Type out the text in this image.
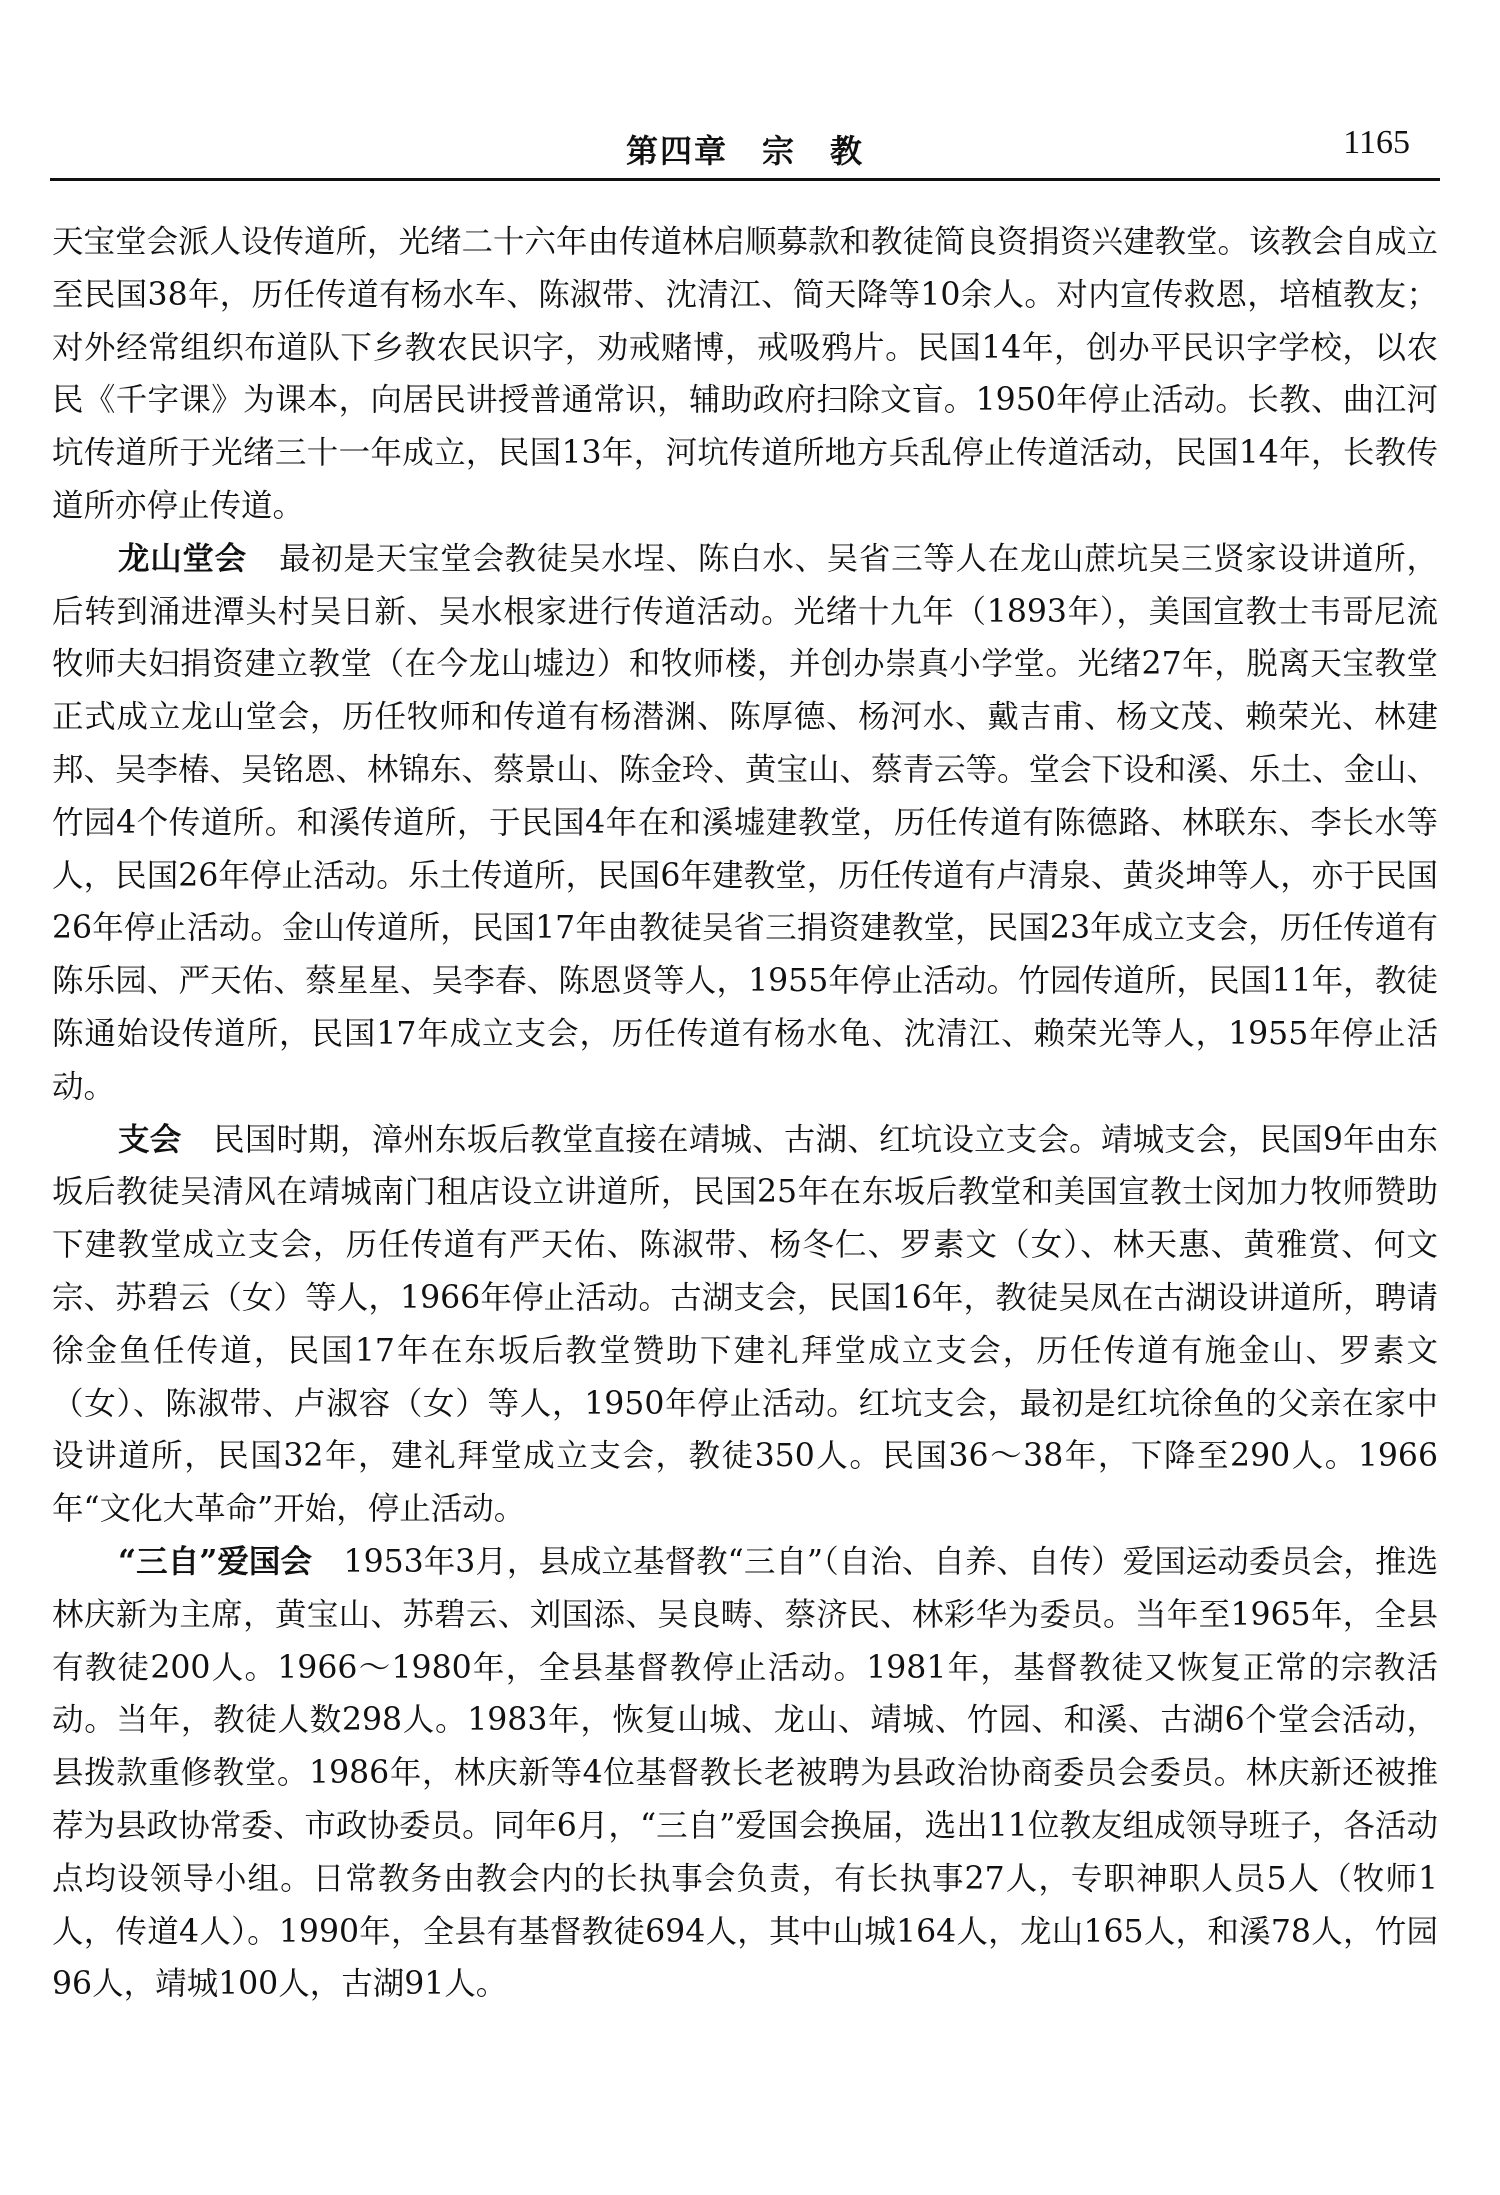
第四章　宗　教	1165

天宝堂会派人设传道所，光绪二十六年由传道林启顺募款和教徒简良资捐资兴建教堂。该教会自成立至民国38年，历任传道有杨水车、陈淑带、沈清江、简天降等10余人。对内宣传救恩，培植教友；对外经常组织布道队下乡教农民识字，劝戒赌博，戒吸鸦片。民国14年，创办平民识字学校，以农民《千字课》为课本，向居民讲授普通常识，辅助政府扫除文盲。1950年停止活动。长教、曲江河坑传道所于光绪三十一年成立，民国13年，河坑传道所地方兵乱停止传道活动，民国14年，长教传道所亦停止传道。

龙山堂会　最初是天宝堂会教徒吴水埕、陈白水、吴省三等人在龙山蔗坑吴三贤家设讲道所，后转到涌进潭头村吴日新、吴水根家进行传道活动。光绪十九年（1893年），美国宣教士韦哥尼流牧师夫妇捐资建立教堂（在今龙山墟边）和牧师楼，并创办崇真小学堂。光绪27年，脱离天宝教堂正式成立龙山堂会，历任牧师和传道有杨潜渊、陈厚德、杨河水、戴吉甫、杨文茂、赖荣光、林建邦、吴李椿、吴铭恩、林锦东、蔡景山、陈金玲、黄宝山、蔡青云等。堂会下设和溪、乐土、金山、竹园4个传道所。和溪传道所，于民国4年在和溪墟建教堂，历任传道有陈德路、林联东、李长水等人，民国26年停止活动。乐土传道所，民国6年建教堂，历任传道有卢清泉、黄炎坤等人，亦于民国26年停止活动。金山传道所，民国17年由教徒吴省三捐资建教堂，民国23年成立支会，历任传道有陈乐园、严天佑、蔡星星、吴李春、陈恩贤等人，1955年停止活动。竹园传道所，民国11年，教徒陈通始设传道所，民国17年成立支会，历任传道有杨水龟、沈清江、赖荣光等人，1955年停止活动。

支会　民国时期，漳州东坂后教堂直接在靖城、古湖、红坑设立支会。靖城支会，民国9年由东坂后教徒吴清风在靖城南门租店设立讲道所，民国25年在东坂后教堂和美国宣教士闵加力牧师赞助下建教堂成立支会，历任传道有严天佑、陈淑带、杨冬仁、罗素文（女）、林天惠、黄雅赏、何文宗、苏碧云（女）等人，1966年停止活动。古湖支会，民国16年，教徒吴凤在古湖设讲道所，聘请徐金鱼任传道，民国17年在东坂后教堂赞助下建礼拜堂成立支会，历任传道有施金山、罗素文（女）、陈淑带、卢淑容（女）等人，1950年停止活动。红坑支会，最初是红坑徐鱼的父亲在家中设讲道所，民国32年，建礼拜堂成立支会，教徒350人。民国36～38年，下降至290人。1966年“文化大革命”开始，停止活动。

“三自”爱国会　1953年3月，县成立基督教“三自”（自治、自养、自传）爱国运动委员会，推选林庆新为主席，黄宝山、苏碧云、刘国添、吴良畴、蔡济民、林彩华为委员。当年至1965年，全县有教徒200人。1966～1980年，全县基督教停止活动。1981年，基督教徒又恢复正常的宗教活动。当年，教徒人数298人。1983年，恢复山城、龙山、靖城、竹园、和溪、古湖6个堂会活动，县拨款重修教堂。1986年，林庆新等4位基督教长老被聘为县政治协商委员会委员。林庆新还被推荐为县政协常委、市政协委员。同年6月，“三自”爱国会换届，选出11位教友组成领导班子，各活动点均设领导小组。日常教务由教会内的长执事会负责，有长执事27人，专职神职人员5人（牧师1人，传道4人）。1990年，全县有基督教徒694人，其中山城164人，龙山165人，和溪78人，竹园96人，靖城100人，古湖91人。
